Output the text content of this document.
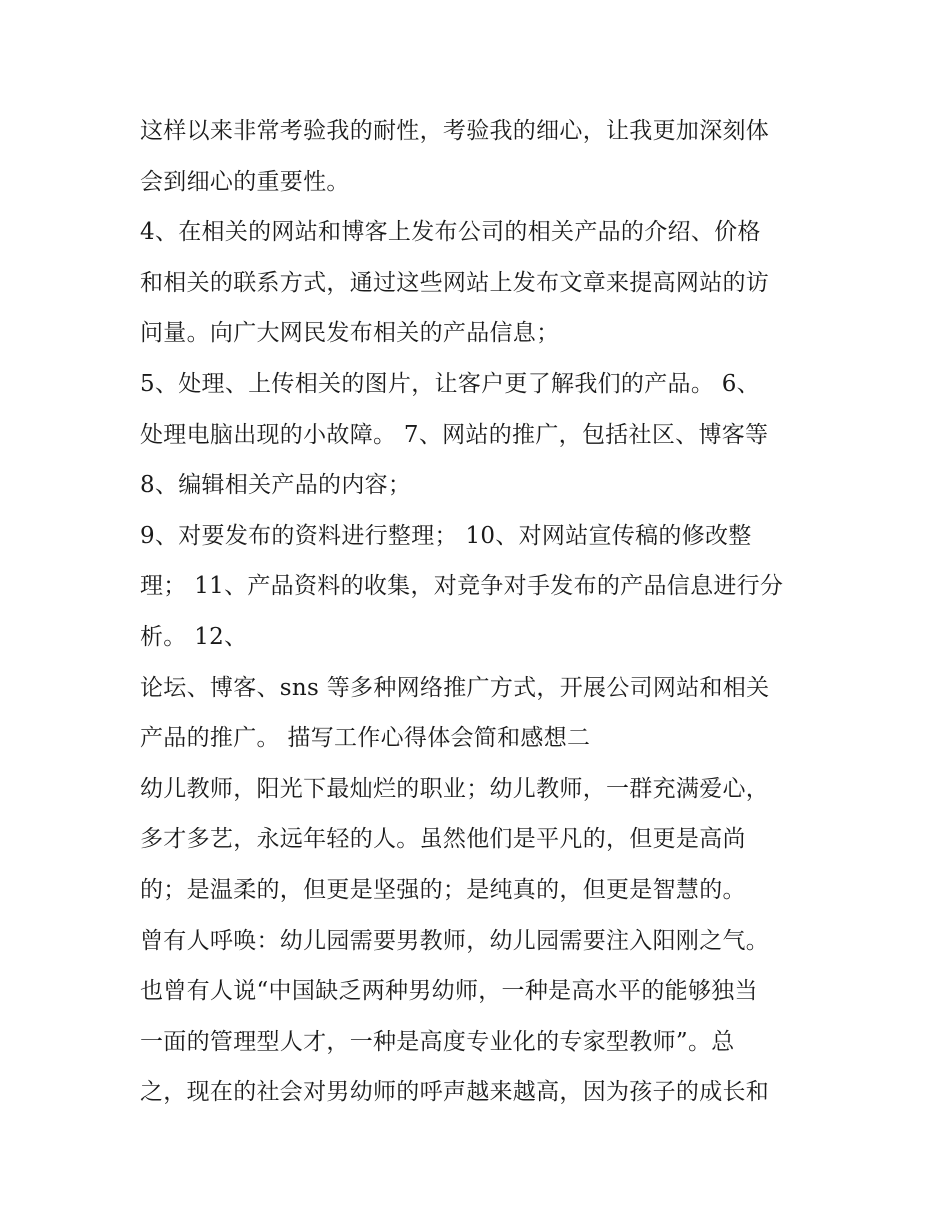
这样以来非常考验我的耐性，考验我的细心，让我更加深刻体
会到细心的重要性。
4、在相关的网站和博客上发布公司的相关产品的介绍、价格
和相关的联系方式，通过这些网站上发布文章来提高网站的访
问量。向广大网民发布相关的产品信息；
5、处理、上传相关的图片，让客户更了解我们的产品。 6、
处理电脑出现的小故障。 7、网站的推广，包括社区、博客等
8、编辑相关产品的内容；
9、对要发布的资料进行整理； 10、对网站宣传稿的修改整
理； 11、产品资料的收集，对竞争对手发布的产品信息进行分
析。 12、
论坛、博客、sns 等多种网络推广方式，开展公司网站和相关
产品的推广。 描写工作心得体会简和感想二
幼儿教师，阳光下最灿烂的职业；幼儿教师，一群充满爱心，
多才多艺，永远年轻的人。虽然他们是平凡的，但更是高尚
的；是温柔的，但更是坚强的；是纯真的，但更是智慧的。
曾有人呼唤：幼儿园需要男教师，幼儿园需要注入阳刚之气。
也曾有人说“中国缺乏两种男幼师，一种是高水平的能够独当
一面的管理型人才，一种是高度专业化的专家型教师”。总
之，现在的社会对男幼师的呼声越来越高，因为孩子的成长和
